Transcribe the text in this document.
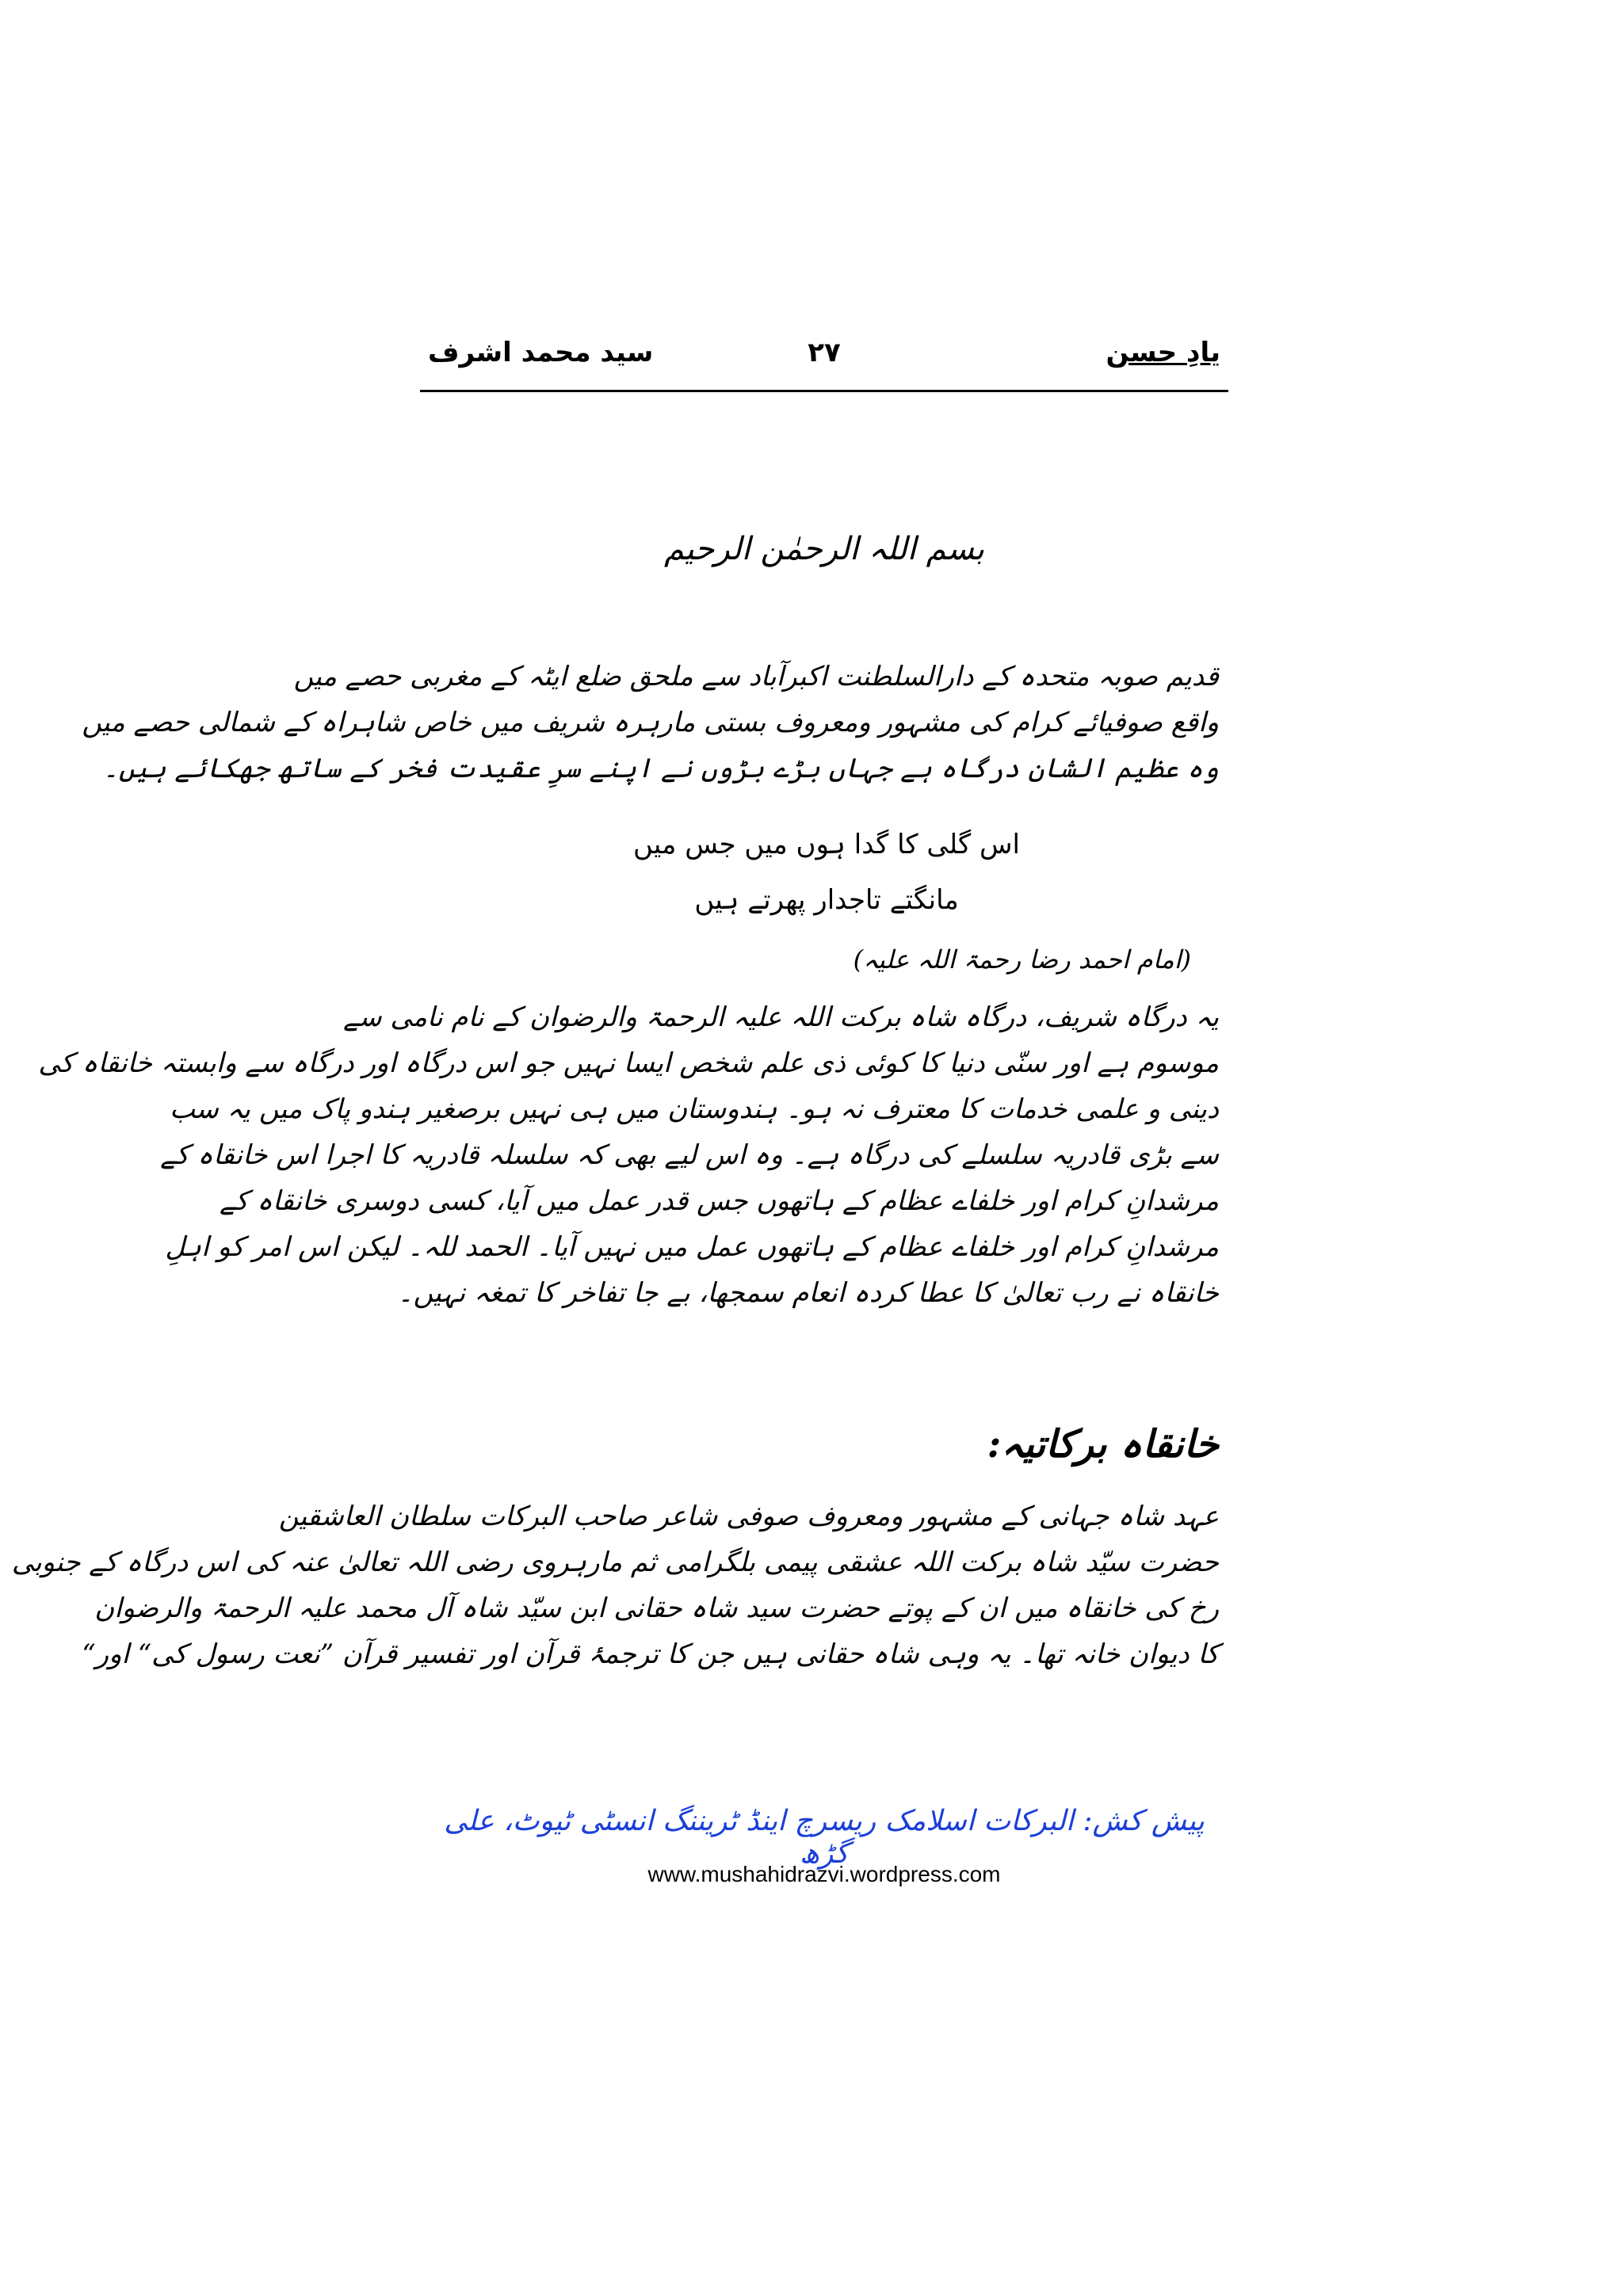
یادِ حسن
۲۷
سید محمد اشرف
بسم اللہ الرحمٰن الرحیم
قدیم صوبہ متحدہ کے دارالسلطنت اکبرآباد سے ملحق ضلع ایٹہ کے مغربی حصے میں
واقع صوفیائے کرام کی مشہور ومعروف بستی مارہرہ شریف میں خاص شاہراہ کے شمالی حصے میں
وہ عظیم الشان درگاہ ہے جہاں بڑے بڑوں نے اپنے سرِ عقیدت فخر کے ساتھ جھکائے ہیں۔
اس گلی کا گدا ہوں میں جس میں
مانگتے تاجدار پھرتے ہیں
(امام احمد رضا رحمۃ اللہ علیہ)
یہ درگاہ شریف، درگاہ شاہ برکت اللہ علیہ الرحمۃ والرضوان کے نام نامی سے
موسوم ہے اور سنّی دنیا کا کوئی ذی علم شخص ایسا نہیں جو اس درگاہ اور درگاہ سے وابستہ خانقاہ کی
دینی و علمی خدمات کا معترف نہ ہو۔ ہندوستان میں ہی نہیں برصغیر ہندو پاک میں یہ سب
سے بڑی قادریہ سلسلے کی درگاہ ہے۔ وہ اس لیے بھی کہ سلسلہ قادریہ کا اجرا اس خانقاہ کے
مرشدانِ کرام اور خلفاے عظام کے ہاتھوں جس قدر عمل میں آیا، کسی دوسری خانقاہ کے
مرشدانِ کرام اور خلفاے عظام کے ہاتھوں عمل میں نہیں آیا۔ الحمد للہ۔ لیکن اس امر کو اہلِ
خانقاہ نے رب تعالیٰ کا عطا کردہ انعام سمجھا، بے جا تفاخر کا تمغہ نہیں۔
خانقاہ برکاتیہ:
عہد شاہ جہانی کے مشہور ومعروف صوفی شاعر صاحب البرکات سلطان العاشقین
حضرت سیّد شاہ برکت اللہ عشقی پیمی بلگرامی ثم مارہروی رضی اللہ تعالیٰ عنہ کی اس درگاہ کے جنوبی
رخ کی خانقاہ میں ان کے پوتے حضرت سید شاہ حقانی ابن سیّد شاہ آل محمد علیہ الرحمۃ والرضوان
کا دیوان خانہ تھا۔ یہ وہی شاہ حقانی ہیں جن کا ترجمۂ قرآن اور تفسیر قرآن ”نعت رسول کی“ اور“
پیش کش: البرکات اسلامک ریسرچ اینڈ ٹریننگ انسٹی ٹیوٹ، علی گڑھ
www.mushahidrazvi.wordpress.com
